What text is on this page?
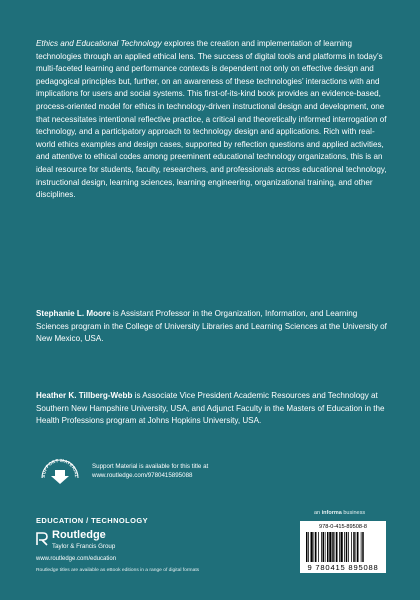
Ethics and Educational Technology explores the creation and implementation of learning technologies through an applied ethical lens. The success of digital tools and platforms in today’s multi-faceted learning and performance contexts is dependent not only on effective design and pedagogical principles but, further, on an awareness of these technologies’ interactions with and implications for users and social systems. This first-of-its-kind book provides an evidence-based, process-oriented model for ethics in technology-driven instructional design and development, one that necessitates intentional reflective practice, a critical and theoretically informed interrogation of technology, and a participatory approach to technology design and applications. Rich with real-world ethics examples and design cases, supported by reflection questions and applied activities, and attentive to ethical codes among preeminent educational technology organizations, this is an ideal resource for students, faculty, researchers, and professionals across educational technology, instructional design, learning sciences, learning engineering, organizational training, and other disciplines.

Stephanie L. Moore is Assistant Professor in the Organization, Information, and Learning Sciences program in the College of University Libraries and Learning Sciences at the University of New Mexico, USA.

Heather K. Tillberg-Webb is Associate Vice President Academic Resources and Technology at Southern New Hampshire University, USA, and Adjunct Faculty in the Masters of Education in the Health Professions program at Johns Hopkins University, USA.

SUPPORT MATERIAL
Support Material is available for this title at
www.routledge.com/9780415895088
an informa business
EDUCATION / TECHNOLOGY
Routledge
Taylor & Francis Group
www.routledge.com/education
Routledge titles are available as eBook editions in a range of digital formats
978-0-415-89508-8
9 780415 895088
